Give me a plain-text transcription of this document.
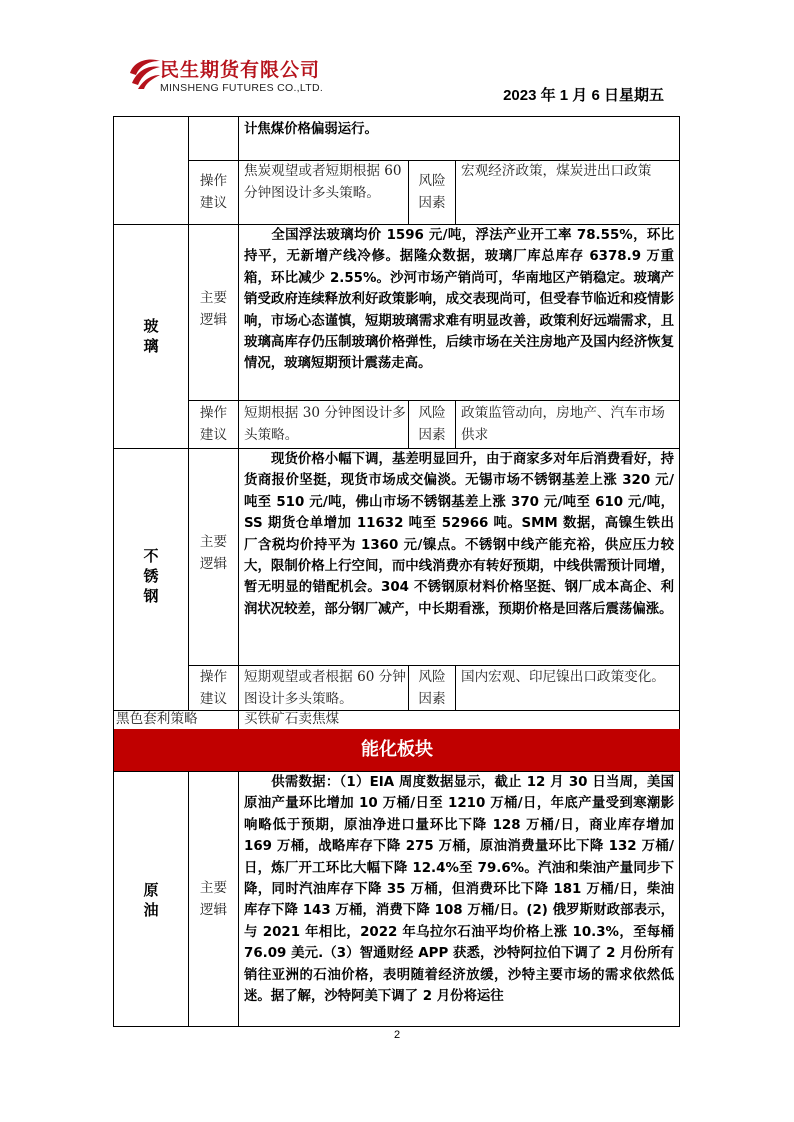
民生期货有限公司
MINSHENG FUTURES CO.,LTD.	2023 年 1 月 6 日星期五
计焦煤价格偏弱运行。
操作
建议
焦炭观望或者短期根据 60 分钟图设计多头策略。
风险
因素
宏观经济政策，煤炭进出口政策
玻
璃
主要
逻辑
全国浮法玻璃均价 1596 元/吨，浮法产业开工率 78.55%，环比持平，无新增产线冷修。据隆众数据，玻璃厂库总库存 6378.9 万重箱，环比减少 2.55%。沙河市场产销尚可，华南地区产销稳定。玻璃产销受政府连续释放利好政策影响，成交表现尚可，但受春节临近和疫情影响，市场心态谨慎，短期玻璃需求难有明显改善，政策利好远端需求，且玻璃高库存仍压制玻璃价格弹性，后续市场在关注房地产及国内经济恢复情况，玻璃短期预计震荡走高。
操作
建议
短期根据 30 分钟图设计多头策略。
风险
因素
政策监管动向，房地产、汽车市场供求
不
锈
钢
主要
逻辑
现货价格小幅下调，基差明显回升，由于商家多对年后消费看好，持货商报价坚挺，现货市场成交偏淡。无锡市场不锈钢基差上涨 320 元/吨至 510 元/吨，佛山市场不锈钢基差上涨 370 元/吨至 610 元/吨，SS 期货仓单增加 11632 吨至 52966 吨。SMM 数据，高镍生铁出厂含税均价持平为 1360 元/镍点。不锈钢中线产能充裕，供应压力较大，限制价格上行空间，而中线消费亦有转好预期，中线供需预计同增，暂无明显的错配机会。304 不锈钢原材料价格坚挺、钢厂成本高企、利润状况较差，部分钢厂减产，中长期看涨，预期价格是回落后震荡偏涨。
操作
建议
短期观望或者根据 60 分钟图设计多头策略。
风险
因素
国内宏观、印尼镍出口政策变化。
黑色套利策略	买铁矿石卖焦煤
能化板块
原
油
主要
逻辑
供需数据：（1）EIA 周度数据显示，截止 12 月 30 日当周，美国原油产量环比增加 10 万桶/日至 1210 万桶/日，年底产量受到寒潮影响略低于预期，原油净进口量环比下降 128 万桶/日，商业库存增加 169 万桶，战略库存下降 275 万桶，原油消费量环比下降 132 万桶/日，炼厂开工环比大幅下降 12.4%至 79.6%。汽油和柴油产量同步下降，同时汽油库存下降 35 万桶，但消费环比下降 181 万桶/日，柴油库存下降 143 万桶，消费下降 108 万桶/日。(2) 俄罗斯财政部表示，与 2021 年相比，2022 年乌拉尔石油平均价格上涨 10.3%，至每桶 76.09 美元.（3）智通财经 APP 获悉，沙特阿拉伯下调了 2 月份所有销往亚洲的石油价格，表明随着经济放缓，沙特主要市场的需求依然低迷。据了解，沙特阿美下调了 2 月份将运往
2
